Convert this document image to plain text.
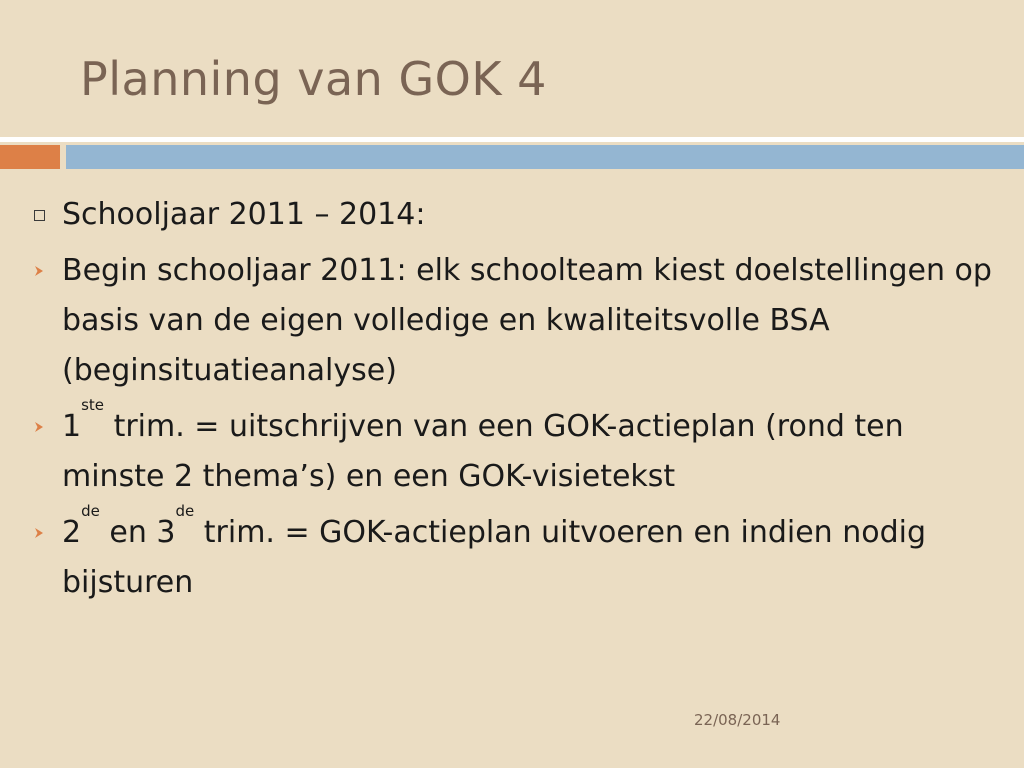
Planning van GOK 4
Schooljaar 2011 – 2014:
Begin schooljaar 2011: elk schoolteam kiest doelstellingen op basis van de eigen volledige en kwaliteitsvolle BSA (beginsituatieanalyse)
1ste trim. = uitschrijven van een GOK-actieplan (rond ten minste 2 thema’s) en een GOK-visietekst
2de en 3de trim. = GOK-actieplan uitvoeren en indien nodig bijsturen
22/08/2014
